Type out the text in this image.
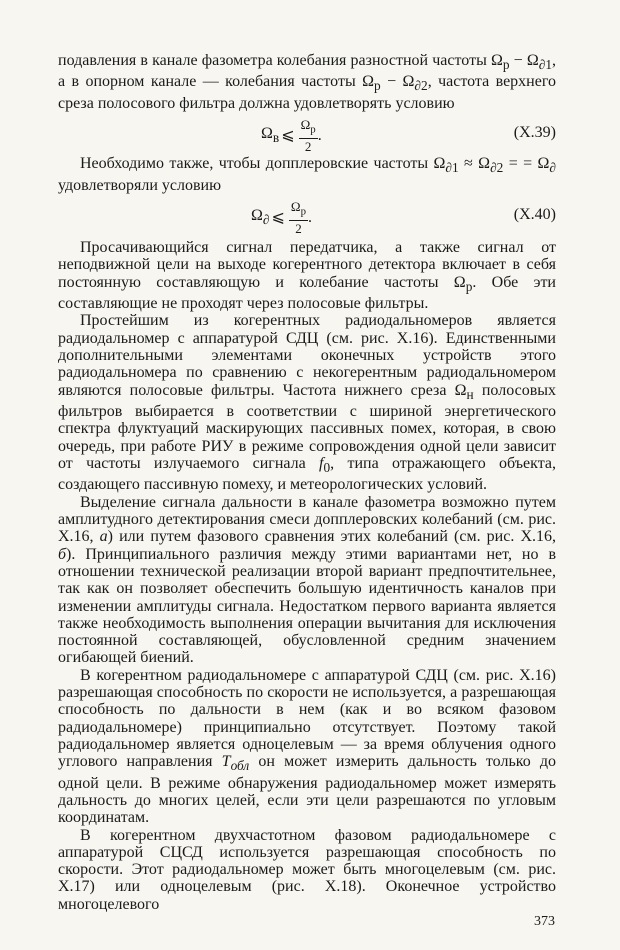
подавления в канале фазометра колебания разностной частоты $\Omega_p - \Omega_{\partial 1}$, а в опорном канале — колебания частоты $\Omega_p - \Omega_{\partial 2}$, частота верхнего среза полосового фильтра должна удовлетворять условию

$\Omega_в$ ⩽ $\frac{\Omega_p}{2}$ .	(X.39)

Необходимо также, чтобы допплеровские частоты $\Omega_{\partial 1} \approx \Omega_{\partial 2}$ = = $\Omega_\partial$ удовлетворяли условию

$\Omega_\partial$ ⩽ $\frac{\Omega_p}{2}$ .	(X.40)

Просачивающийся сигнал передатчика, а также сигнал от неподвижной цели на выходе когерентного детектора включает в себя постоянную составляющую и колебание частоты $\Omega_p$. Обе эти составляющие не проходят через полосовые фильтры.

Простейшим из когерентных радиодальномеров является радиодальномер с аппаратурой СДЦ (см. рис. X.16). Единственными дополнительными элементами оконечных устройств этого радиодальномера по сравнению с некогерентным радиодальномером являются полосовые фильтры. Частота нижнего среза $\Omega_н$ полосовых фильтров выбирается в соответствии с шириной энергетического спектра флуктуаций маскирующих пассивных помех, которая, в свою очередь, при работе РИУ в режиме сопровождения одной цели зависит от частоты излучаемого сигнала $f_0$, типа отражающего объекта, создающего пассивную помеху, и метеорологических условий.

Выделение сигнала дальности в канале фазометра возможно путем амплитудного детектирования смеси допплеровских колебаний (см. рис. X.16, а) или путем фазового сравнения этих колебаний (см. рис. X.16, б). Принципиального различия между этими вариантами нет, но в отношении технической реализации второй вариант предпочтительнее, так как он позволяет обеспечить большую идентичность каналов при изменении амплитуды сигнала. Недостатком первого варианта является также необходимость выполнения операции вычитания для исключения постоянной составляющей, обусловленной средним значением огибающей биений.

В когерентном радиодальномере с аппаратурой СДЦ (см. рис. X.16) разрешающая способность по скорости не используется, а разрешающая способность по дальности в нем (как и во всяком фазовом радиодальномере) принципиально отсутствует. Поэтому такой радиодальномер является одноцелевым — за время облучения одного углового направления $T_{обл}$ он может измерить дальность только до одной цели. В режиме обнаружения радиодальномер может измерять дальность до многих целей, если эти цели разрешаются по угловым координатам.

В когерентном двухчастотном фазовом радиодальномере с аппаратурой СЦСД используется разрешающая способность по скорости. Этот радиодальномер может быть многоцелевым (см. рис. X.17) или одноцелевым (рис. X.18). Оконечное устройство многоцелевого

373
